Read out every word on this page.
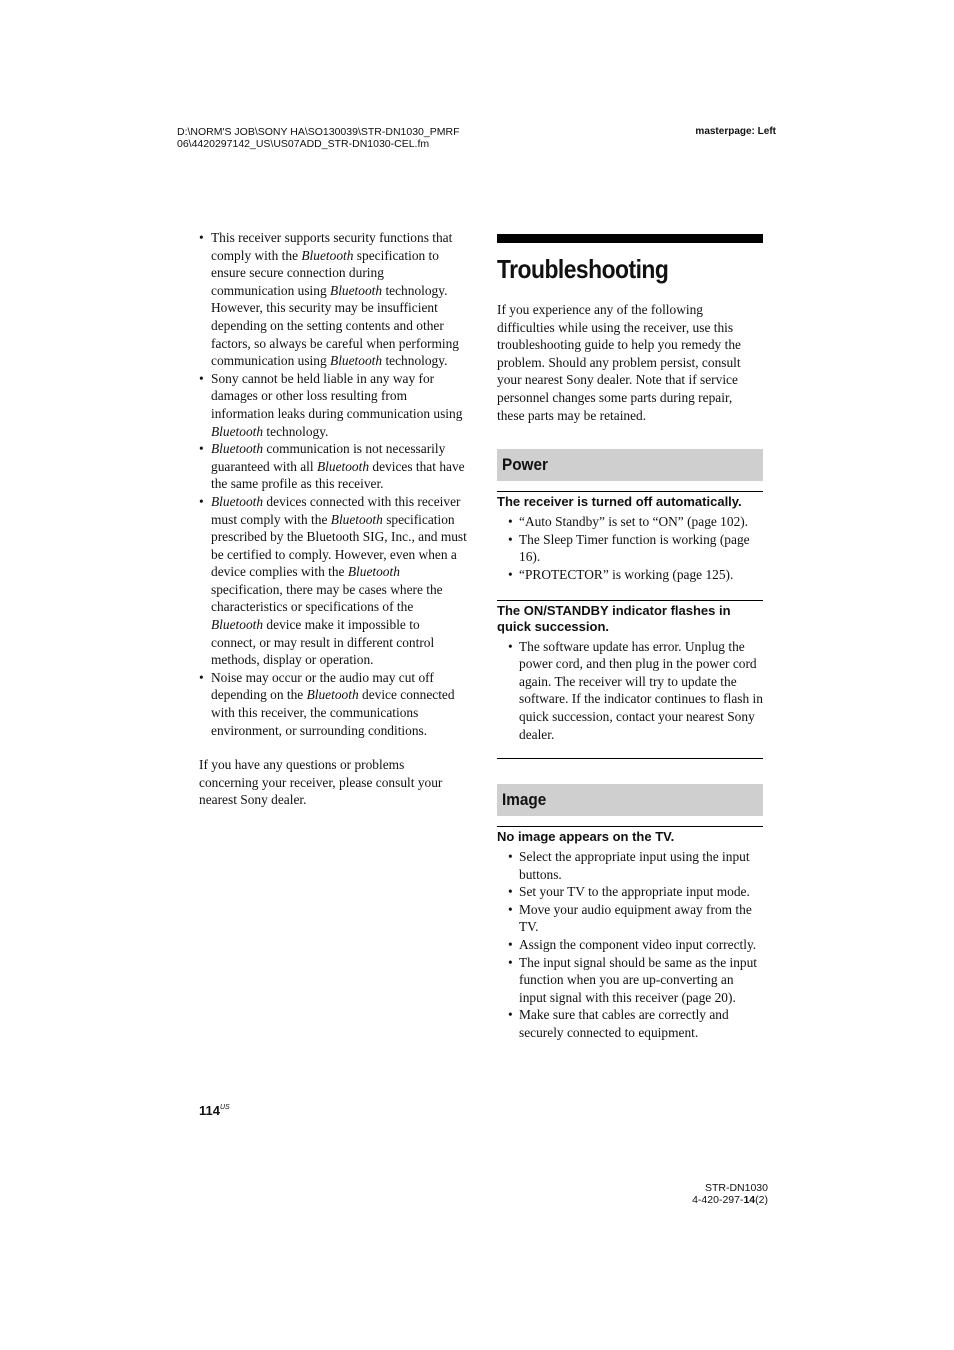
D:\NORM'S JOB\SONY HA\SO130039\STR-DN1030_PMRF
06\4420297142_US\US07ADD_STR-DN1030-CEL.fm
masterpage: Left
• This receiver supports security functions that comply with the Bluetooth specification to ensure secure connection during communication using Bluetooth technology. However, this security may be insufficient depending on the setting contents and other factors, so always be careful when performing communication using Bluetooth technology.
• Sony cannot be held liable in any way for damages or other loss resulting from information leaks during communication using Bluetooth technology.
• Bluetooth communication is not necessarily guaranteed with all Bluetooth devices that have the same profile as this receiver.
• Bluetooth devices connected with this receiver must comply with the Bluetooth specification prescribed by the Bluetooth SIG, Inc., and must be certified to comply. However, even when a device complies with the Bluetooth specification, there may be cases where the characteristics or specifications of the Bluetooth device make it impossible to connect, or may result in different control methods, display or operation.
• Noise may occur or the audio may cut off depending on the Bluetooth device connected with this receiver, the communications environment, or surrounding conditions.

If you have any questions or problems concerning your receiver, please consult your nearest Sony dealer.

Troubleshooting

If you experience any of the following difficulties while using the receiver, use this troubleshooting guide to help you remedy the problem. Should any problem persist, consult your nearest Sony dealer. Note that if service personnel changes some parts during repair, these parts may be retained.

Power

The receiver is turned off automatically.

• “Auto Standby” is set to “ON” (page 102).
• The Sleep Timer function is working (page 16).
• “PROTECTOR” is working (page 125).

The ON/STANDBY indicator flashes in quick succession.

• The software update has error. Unplug the power cord, and then plug in the power cord again. The receiver will try to update the software. If the indicator continues to flash in quick succession, contact your nearest Sony dealer.
Image

No image appears on the TV.

• Select the appropriate input using the input buttons.
• Set your TV to the appropriate input mode.
• Move your audio equipment away from the TV.
• Assign the component video input correctly.
• The input signal should be same as the input function when you are up-converting an input signal with this receiver (page 20).
• Make sure that cables are correctly and securely connected to equipment.
$114^{US}$
STR-DN1030
4-420-297-14(2)
